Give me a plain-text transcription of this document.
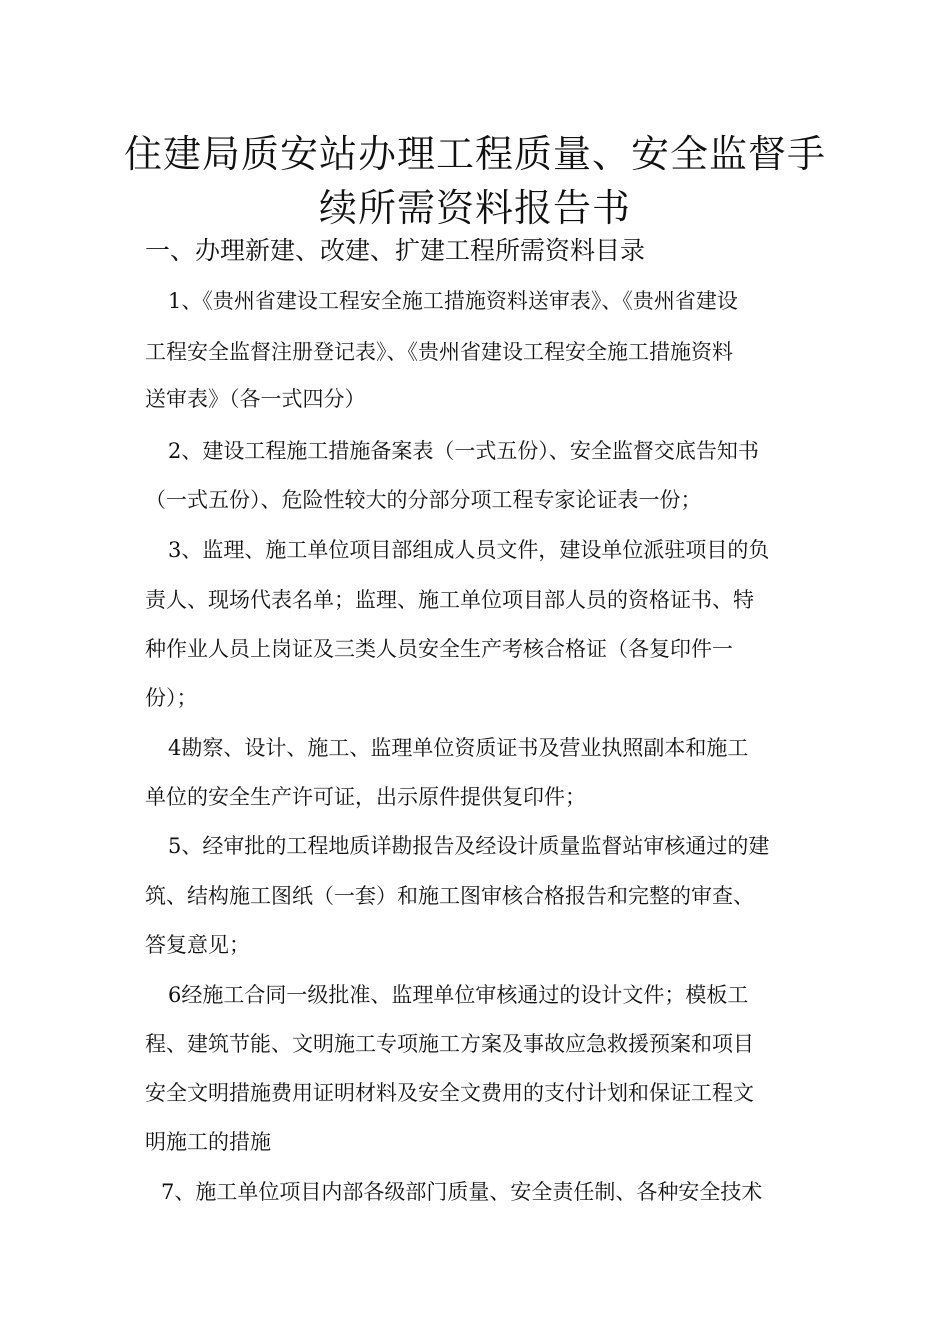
住建局质安站办理工程质量、安全监督手
续所需资料报告书
一、办理新建、改建、扩建工程所需资料目录

1、《贵州省建设工程安全施工措施资料送审表》、《贵州省建设

工程安全监督注册登记表》、《贵州省建设工程安全施工措施资料

送审表》（各一式四分）

2、建设工程施工措施备案表（一式五份）、安全监督交底告知书

（一式五份）、危险性较大的分部分项工程专家论证表一份；

3、监理、施工单位项目部组成人员文件，建设单位派驻项目的负

责人、现场代表名单；监理、施工单位项目部人员的资格证书、特

种作业人员上岗证及三类人员安全生产考核合格证（各复印件一

份）；

4勘察、设计、施工、监理单位资质证书及营业执照副本和施工

单位的安全生产许可证，出示原件提供复印件；

5、经审批的工程地质详勘报告及经设计质量监督站审核通过的建

筑、结构施工图纸（一套）和施工图审核合格报告和完整的审查、

答复意见；

6经施工合同一级批准、监理单位审核通过的设计文件；模板工

程、建筑节能、文明施工专项施工方案及事故应急救援预案和项目

安全文明措施费用证明材料及安全文费用的支付计划和保证工程文

明施工的措施

7、施工单位项目内部各级部门质量、安全责任制、各种安全技术
